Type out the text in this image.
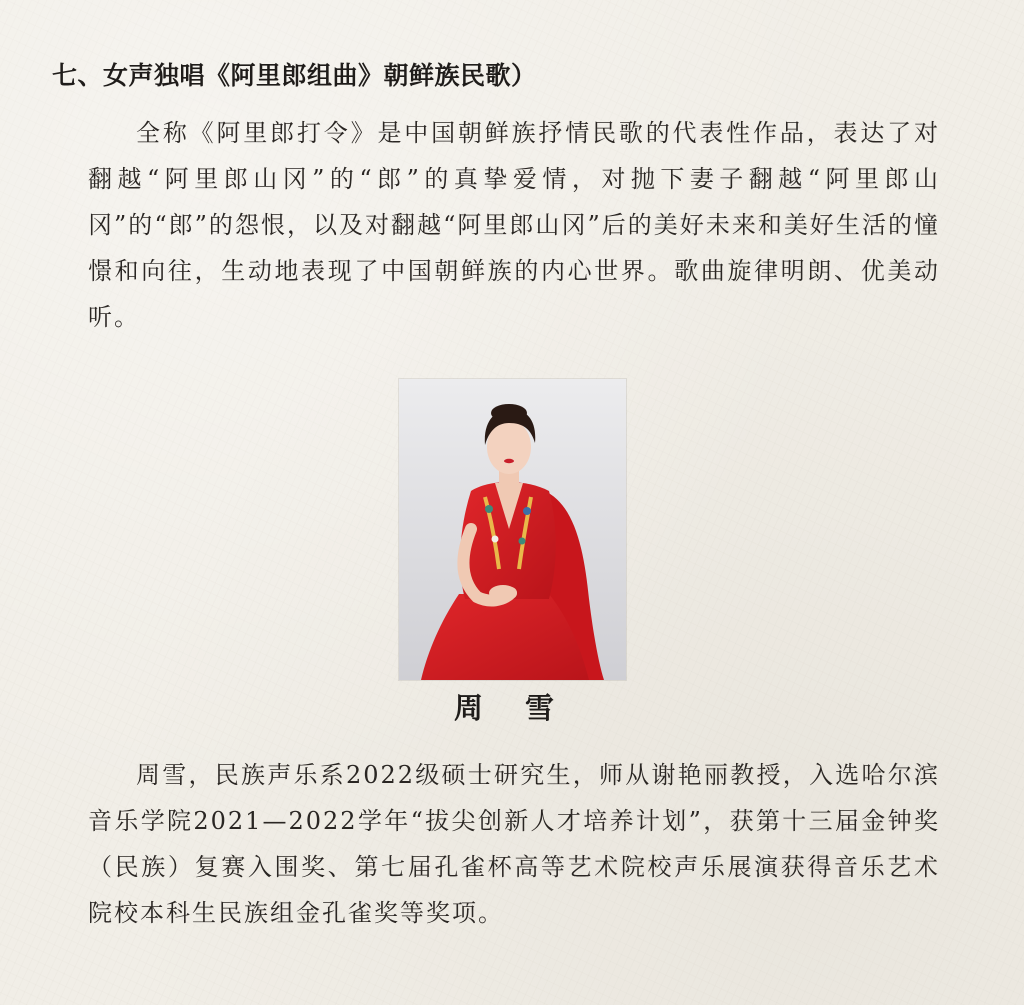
七、女声独唱《阿里郎组曲》朝鲜族民歌）

全称《阿里郎打令》是中国朝鲜族抒情民歌的代表性作品，表达了对翻越“阿里郎山冈”的“郎”的真挚爱情，对抛下妻子翻越“阿里郎山冈”的“郎”的怨恨，以及对翻越“阿里郎山冈”后的美好未来和美好生活的憧憬和向往，生动地表现了中国朝鲜族的内心世界。歌曲旋律明朗、优美动听。

周 雪

周雪，民族声乐系2022级硕士研究生，师从谢艳丽教授，入选哈尔滨音乐学院2021—2022学年“拔尖创新人才培养计划”，获第十三届金钟奖（民族）复赛入围奖、第七届孔雀杯高等艺术院校声乐展演获得音乐艺术院校本科生民族组金孔雀奖等奖项。
